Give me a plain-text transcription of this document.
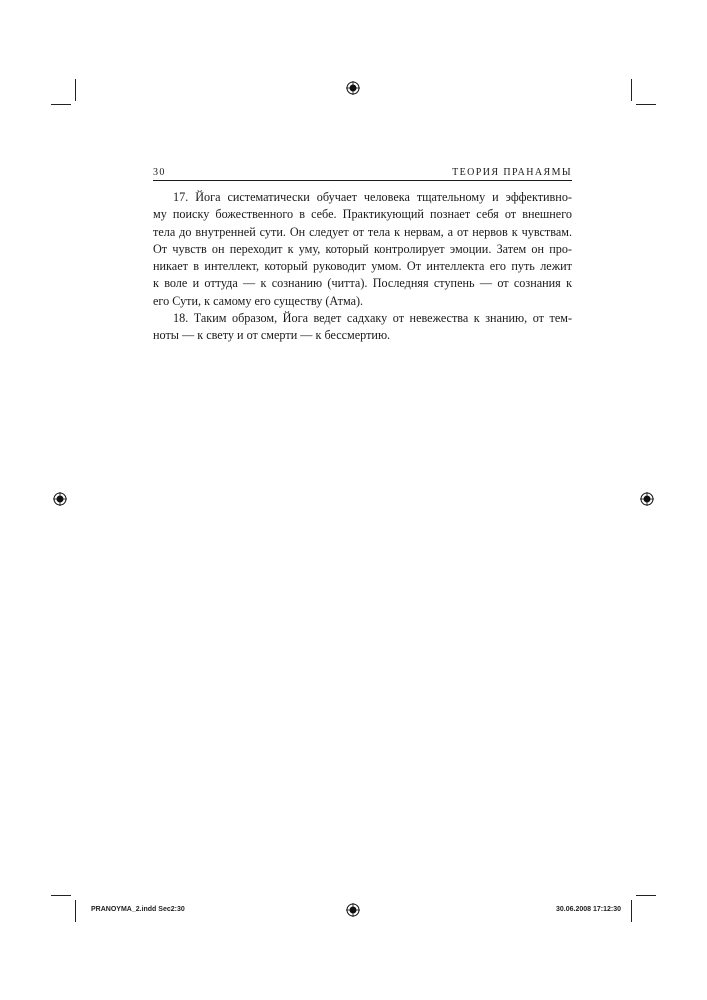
30	ТЕОРИЯ ПРАНАЯМЫ
17. Йога систематически обучает человека тщательному и эффективно-
му поиску божественного в себе. Практикующий познает себя от внешнего
тела до внутренней сути. Он следует от тела к нервам, а от нервов к чувствам.
От чувств он переходит к уму, который контролирует эмоции. Затем он про-
никает в интеллект, который руководит умом. От интеллекта его путь лежит
к воле и оттуда — к сознанию (читта). Последняя ступень — от сознания к
его Сути, к самому его существу (Атма).
18. Таким образом, Йога ведет садхаку от невежества к знанию, от тем-
ноты — к свету и от смерти — к бессмертию.
PRANOYMA_2.indd Sec2:30	30.06.2008 17:12:30
